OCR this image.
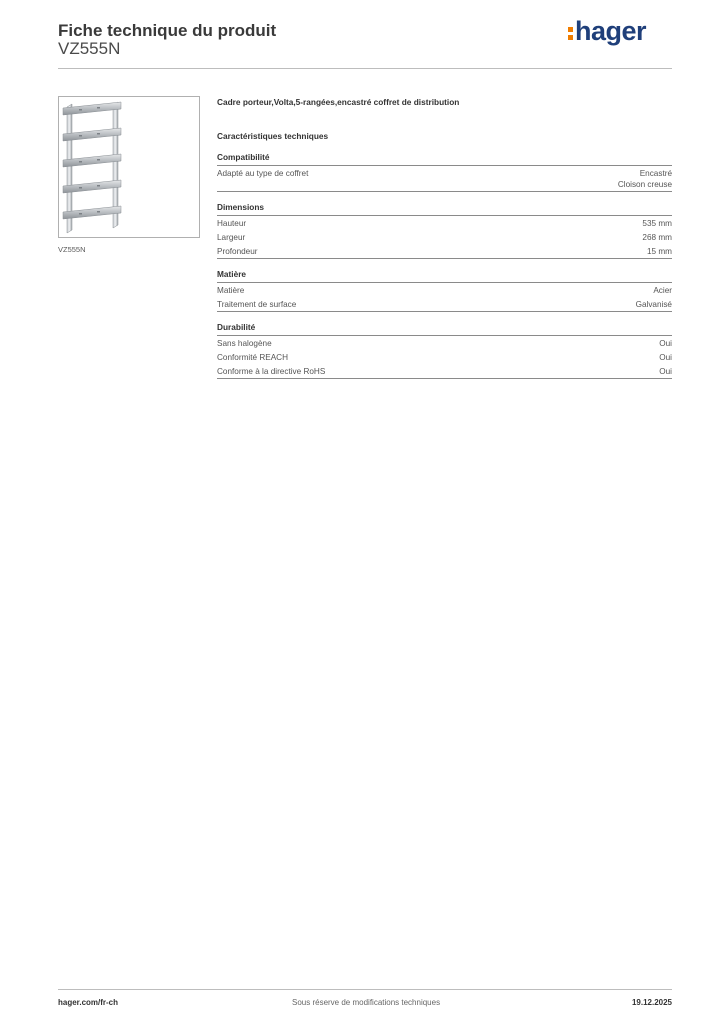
Fiche technique du produit
VZ555N
hager
VZ555N
Cadre porteur,Volta,5-rangées,encastré coffret de distribution
Caractéristiques techniques
Compatibilité
Adapté au type de coffret	Encastré
Cloison creuse
Dimensions
Hauteur	535 mm
Largeur	268 mm
Profondeur	15 mm
Matière
Matière	Acier
Traitement de surface	Galvanisé
Durabilité
Sans halogène	Oui
Conformité REACH	Oui
Conforme à la directive RoHS	Oui
hager.com/fr-ch	Sous réserve de modifications techniques	19.12.2025
